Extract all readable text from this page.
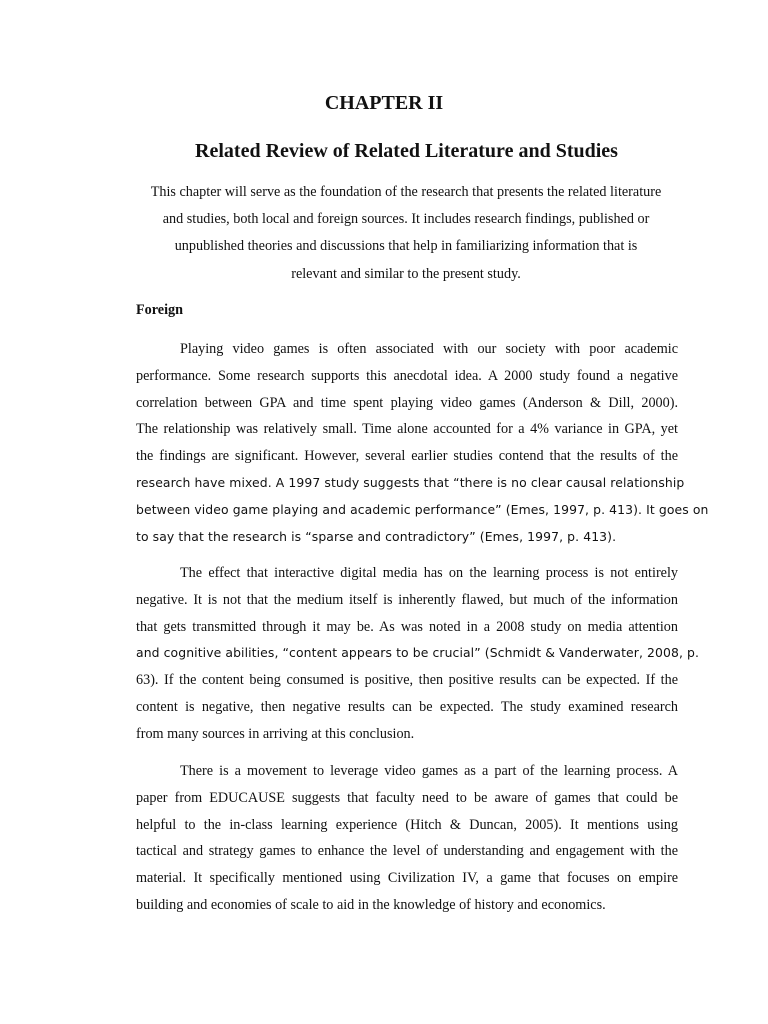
CHAPTER II
Related Review of Related Literature and Studies

This chapter will serve as the foundation of the research that presents the related literature
and studies, both local and foreign sources. It includes research findings, published or
unpublished theories and discussions that help in familiarizing information that is
relevant and similar to the present study.

Foreign

Playing video games is often associated with our society with poor academic
performance. Some research supports this anecdotal idea. A 2000 study found a negative
correlation between GPA and time spent playing video games (Anderson & Dill, 2000).
The relationship was relatively small. Time alone accounted for a 4% variance in GPA, yet
the findings are significant. However, several earlier studies contend that the results of the
research have mixed. A 1997 study suggests that “there is no clear causal relationship
between video game playing and academic performance” (Emes, 1997, p. 413). It goes on
to say that the research is “sparse and contradictory” (Emes, 1997, p. 413).

The effect that interactive digital media has on the learning process is not entirely
negative. It is not that the medium itself is inherently flawed, but much of the information
that gets transmitted through it may be. As was noted in a 2008 study on media attention
and cognitive abilities, “content appears to be crucial” (Schmidt & Vanderwater, 2008, p.
63). If the content being consumed is positive, then positive results can be expected. If the
content is negative, then negative results can be expected. The study examined research
from many sources in arriving at this conclusion.

There is a movement to leverage video games as a part of the learning process. A
paper from EDUCAUSE suggests that faculty need to be aware of games that could be
helpful to the in-class learning experience (Hitch & Duncan, 2005). It mentions using
tactical and strategy games to enhance the level of understanding and engagement with the
material. It specifically mentioned using Civilization IV, a game that focuses on empire
building and economies of scale to aid in the knowledge of history and economics.
